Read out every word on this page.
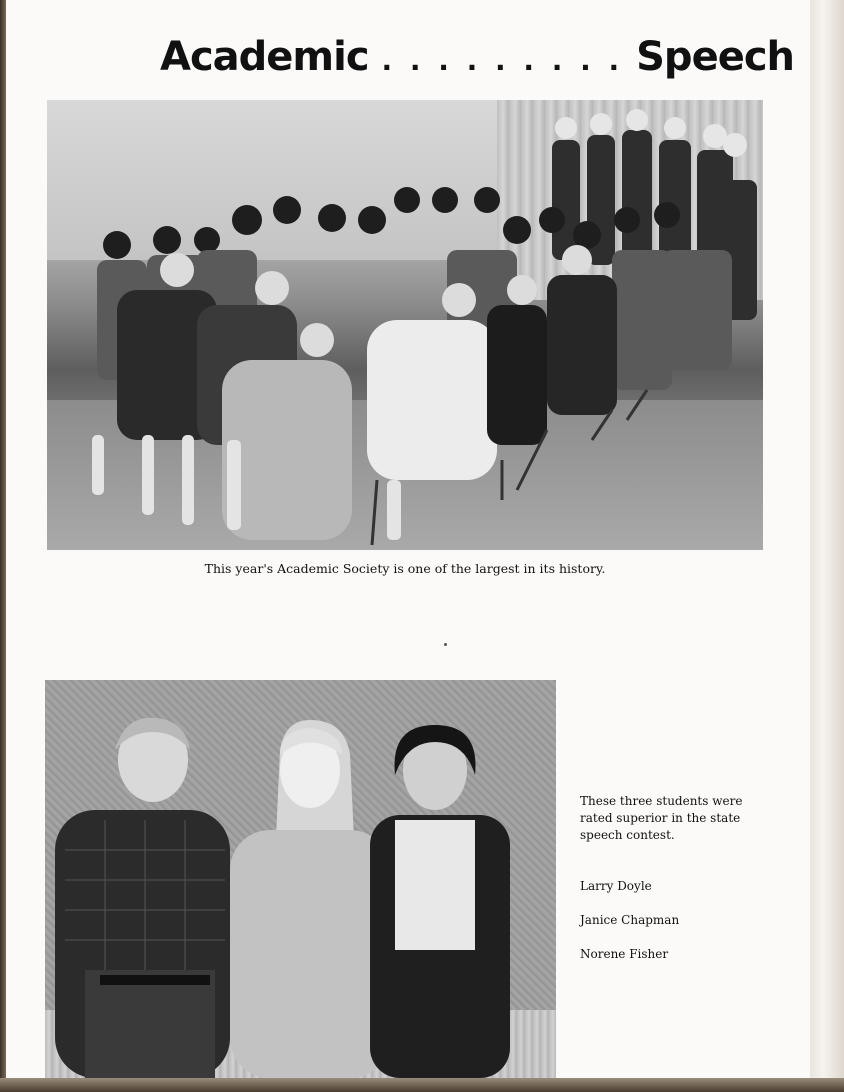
Academic . . . . . . . . . Speech
This year's Academic Society is one of the largest in its history.
These three students were
rated superior in the state
speech contest.
Larry Doyle
Janice Chapman
Norene Fisher
